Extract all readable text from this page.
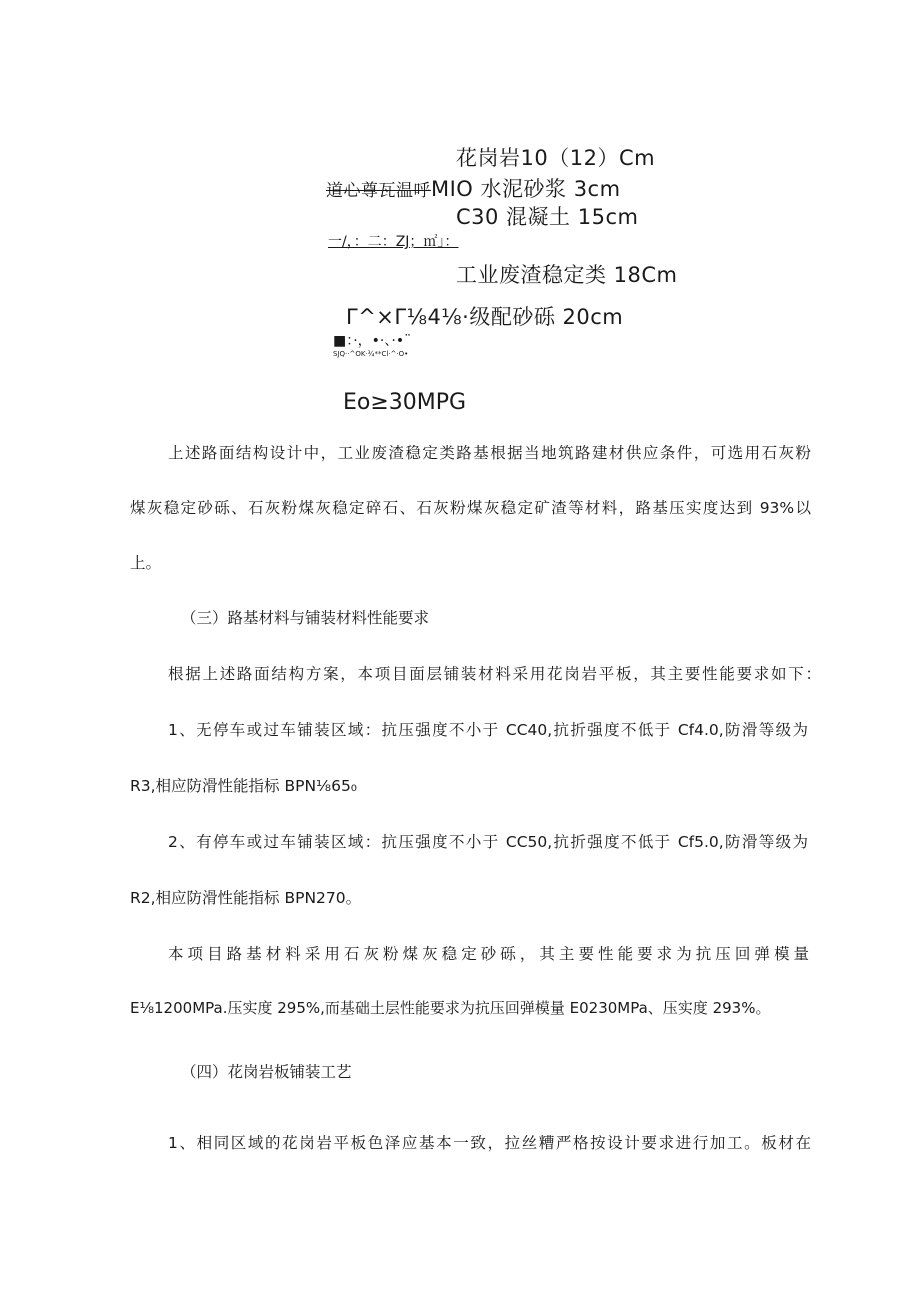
花岗岩10（12）Cm
道心尊瓦温呼MIO 水泥砂浆 3cm
C30 混凝土 15cm
一/，：二：ZJ；㎡」：
工业废渣稳定类 18Cm
Γ^×Γ⅛4⅛·级配砂砾 20cm
■：·，•·、·•¨
SJQ··^OK·¾**Cl·^·O•
Eo≥30MPG
上述路面结构设计中，工业废渣稳定类路基根据当地筑路建材供应条件，可选用石灰粉
煤灰稳定砂砾、石灰粉煤灰稳定碎石、石灰粉煤灰稳定矿渣等材料，路基压实度达到 93%以
上。
（三）路基材料与铺装材料性能要求
根据上述路面结构方案，本项目面层铺装材料采用花岗岩平板，其主要性能要求如下：
1、无停车或过车铺装区域：抗压强度不小于 CC40,抗折强度不低于 Cf4.0,防滑等级为
R3,相应防滑性能指标 BPN⅛65₀
2、有停车或过车铺装区域：抗压强度不小于 CC50,抗折强度不低于 Cf5.0,防滑等级为
R2,相应防滑性能指标 BPN270。
本项目路基材料采用石灰粉煤灰稳定砂砾，其主要性能要求为抗压回弹模量
E⅛1200MPa.压实度 295%,而基础土层性能要求为抗压回弹模量 E0230MPa、压实度 293%。
（四）花岗岩板铺装工艺
1、相同区域的花岗岩平板色泽应基本一致，拉丝糟严格按设计要求进行加工。板材在
